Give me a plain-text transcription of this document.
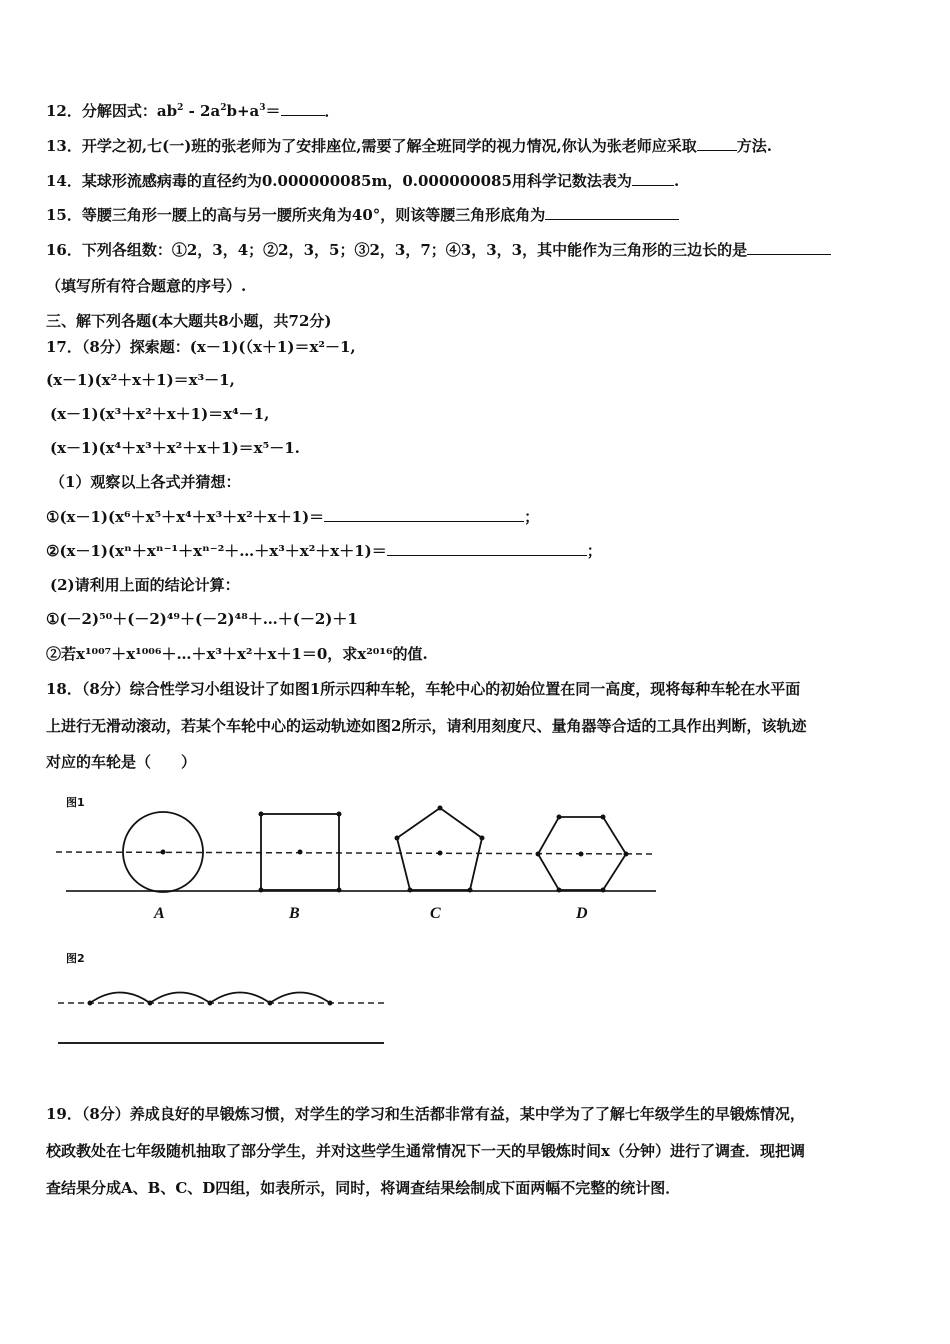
12．分解因式：$ab^2 - 2a^2b+a^3=$	．
13．开学之初,七(一)班的张老师为了安排座位,需要了解全班同学的视力情况,你认为张老师应采取	方法.
14．某球形流感病毒的直径约为0.000000085m，0.000000085用科学记数法表为	.
15．等腰三角形一腰上的高与另一腰所夹角为40°，则该等腰三角形底角为
16．下列各组数：①2，3，4；②2，3，5；③2，3，7；④3，3，3，其中能作为三角形的三边长的是
（填写所有符合题意的序号）.
三、解下列各题(本大题共8小题，共72分)
17．（8分）探索题：(x－1)(（x＋1)＝x²－1,
(x－1)(x²＋x＋1)＝x³－1,
(x－1)(x³＋x²＋x＋1)＝x⁴－1,
(x－1)(x⁴＋x³＋x²＋x＋1)＝x⁵－1.
（1）观察以上各式并猜想：
①(x－1)(x⁶＋x⁵＋x⁴＋x³＋x²＋x＋1)＝	；
②(x－1)(xⁿ＋xⁿ⁻¹＋xⁿ⁻²＋…＋x³＋x²＋x＋1)＝	；
(2)请利用上面的结论计算：
①(－2)⁵⁰＋(－2)⁴⁹＋(－2)⁴⁸＋…＋(－2)＋1
②若x¹⁰⁰⁷＋x¹⁰⁰⁶＋…＋x³＋x²＋x＋1＝0，求x²⁰¹⁶的值.
18．（8分）综合性学习小组设计了如图1所示四种车轮，车轮中心的初始位置在同一高度，现将每种车轮在水平面
上进行无滑动滚动，若某个车轮中心的运动轨迹如图2所示，请利用刻度尺、量角器等合适的工具作出判断，该轨迹
对应的车轮是（　　）
图1
A	B	C	D
图2
19．（8分）养成良好的早锻炼习惯，对学生的学习和生活都非常有益，某中学为了了解七年级学生的早锻炼情况，
校政教处在七年级随机抽取了部分学生，并对这些学生通常情况下一天的早锻炼时间x（分钟）进行了调查．现把调
查结果分成A、B、C、D四组，如表所示，同时，将调查结果绘制成下面两幅不完整的统计图．
